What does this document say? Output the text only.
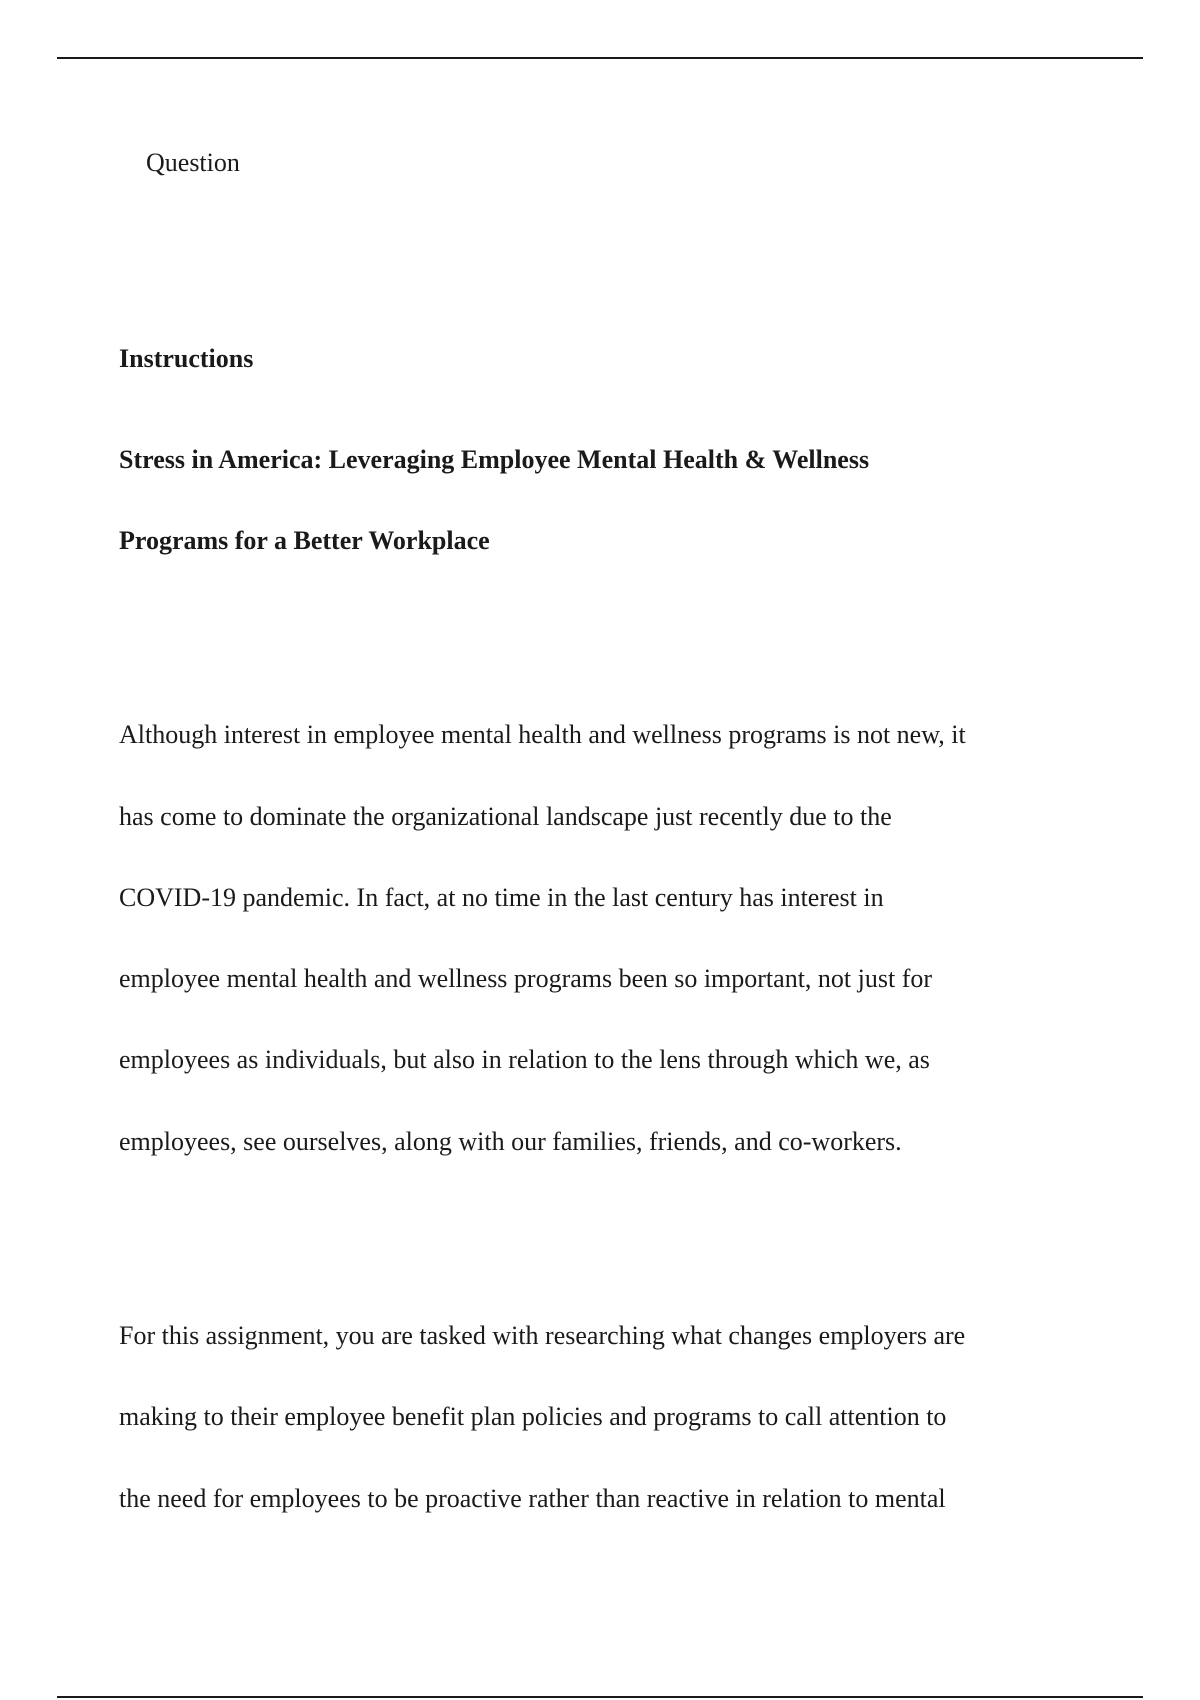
Question
Instructions
Stress in America: Leveraging Employee Mental Health & Wellness
Programs for a Better Workplace
Although interest in employee mental health and wellness programs is not new, it
has come to dominate the organizational landscape just recently due to the
COVID-19 pandemic. In fact, at no time in the last century has interest in
employee mental health and wellness programs been so important, not just for
employees as individuals, but also in relation to the lens through which we, as
employees, see ourselves, along with our families, friends, and co-workers.
For this assignment, you are tasked with researching what changes employers are
making to their employee benefit plan policies and programs to call attention to
the need for employees to be proactive rather than reactive in relation to mental
